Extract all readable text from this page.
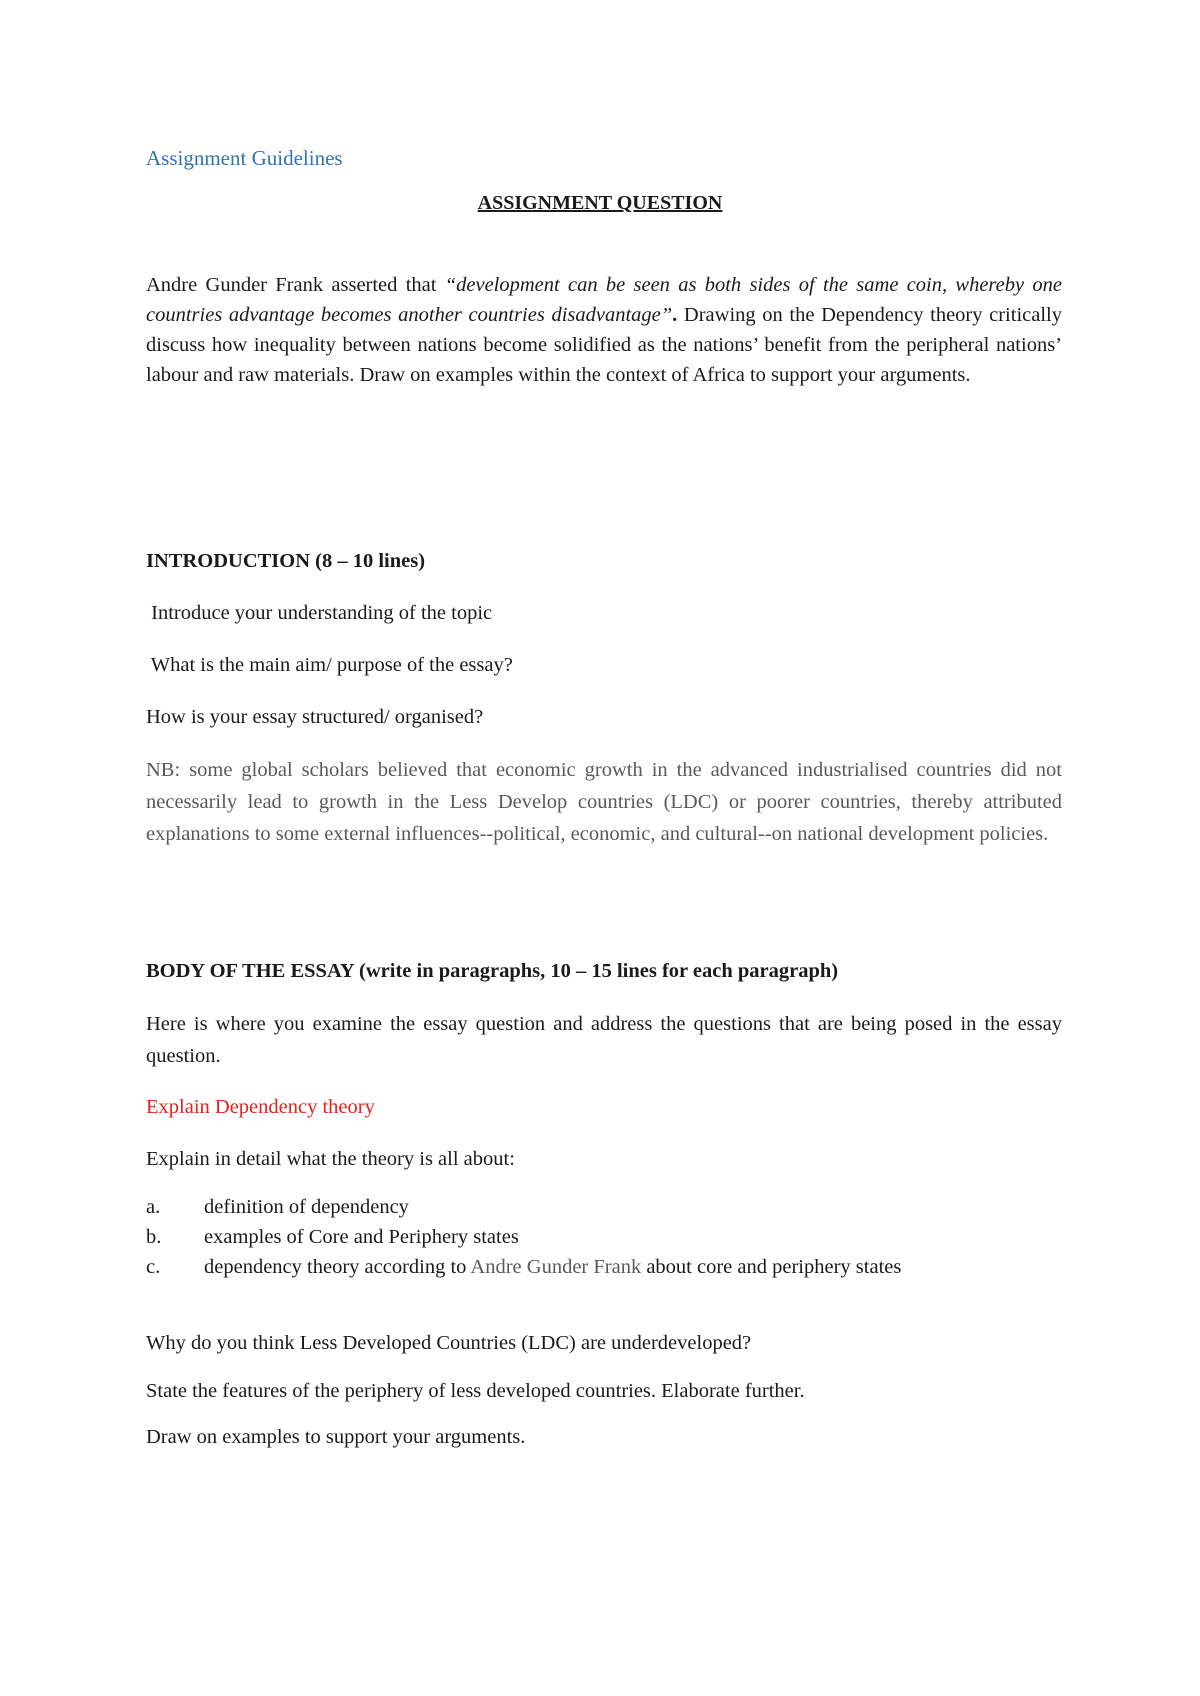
Assignment Guidelines
ASSIGNMENT QUESTION
Andre Gunder Frank asserted that “development can be seen as both sides of the same coin, whereby one countries advantage becomes another countries disadvantage”. Drawing on the Dependency theory critically discuss how inequality between nations become solidified as the nations’ benefit from the peripheral nations’ labour and raw materials. Draw on examples within the context of Africa to support your arguments.
INTRODUCTION (8 – 10 lines)
Introduce your understanding of the topic
What is the main aim/ purpose of the essay?
How is your essay structured/ organised?
NB: some global scholars believed that economic growth in the advanced industrialised countries did not necessarily lead to growth in the Less Develop countries (LDC) or poorer countries, thereby attributed explanations to some external influences--political, economic, and cultural--on national development policies.
BODY OF THE ESSAY (write in paragraphs, 10 – 15 lines for each paragraph)
Here is where you examine the essay question and address the questions that are being posed in the essay question.
Explain Dependency theory
Explain in detail what the theory is all about:
a. definition of dependency
b. examples of Core and Periphery states
c. dependency theory according to Andre Gunder Frank about core and periphery states
Why do you think Less Developed Countries (LDC) are underdeveloped?
State the features of the periphery of less developed countries. Elaborate further.
Draw on examples to support your arguments.
